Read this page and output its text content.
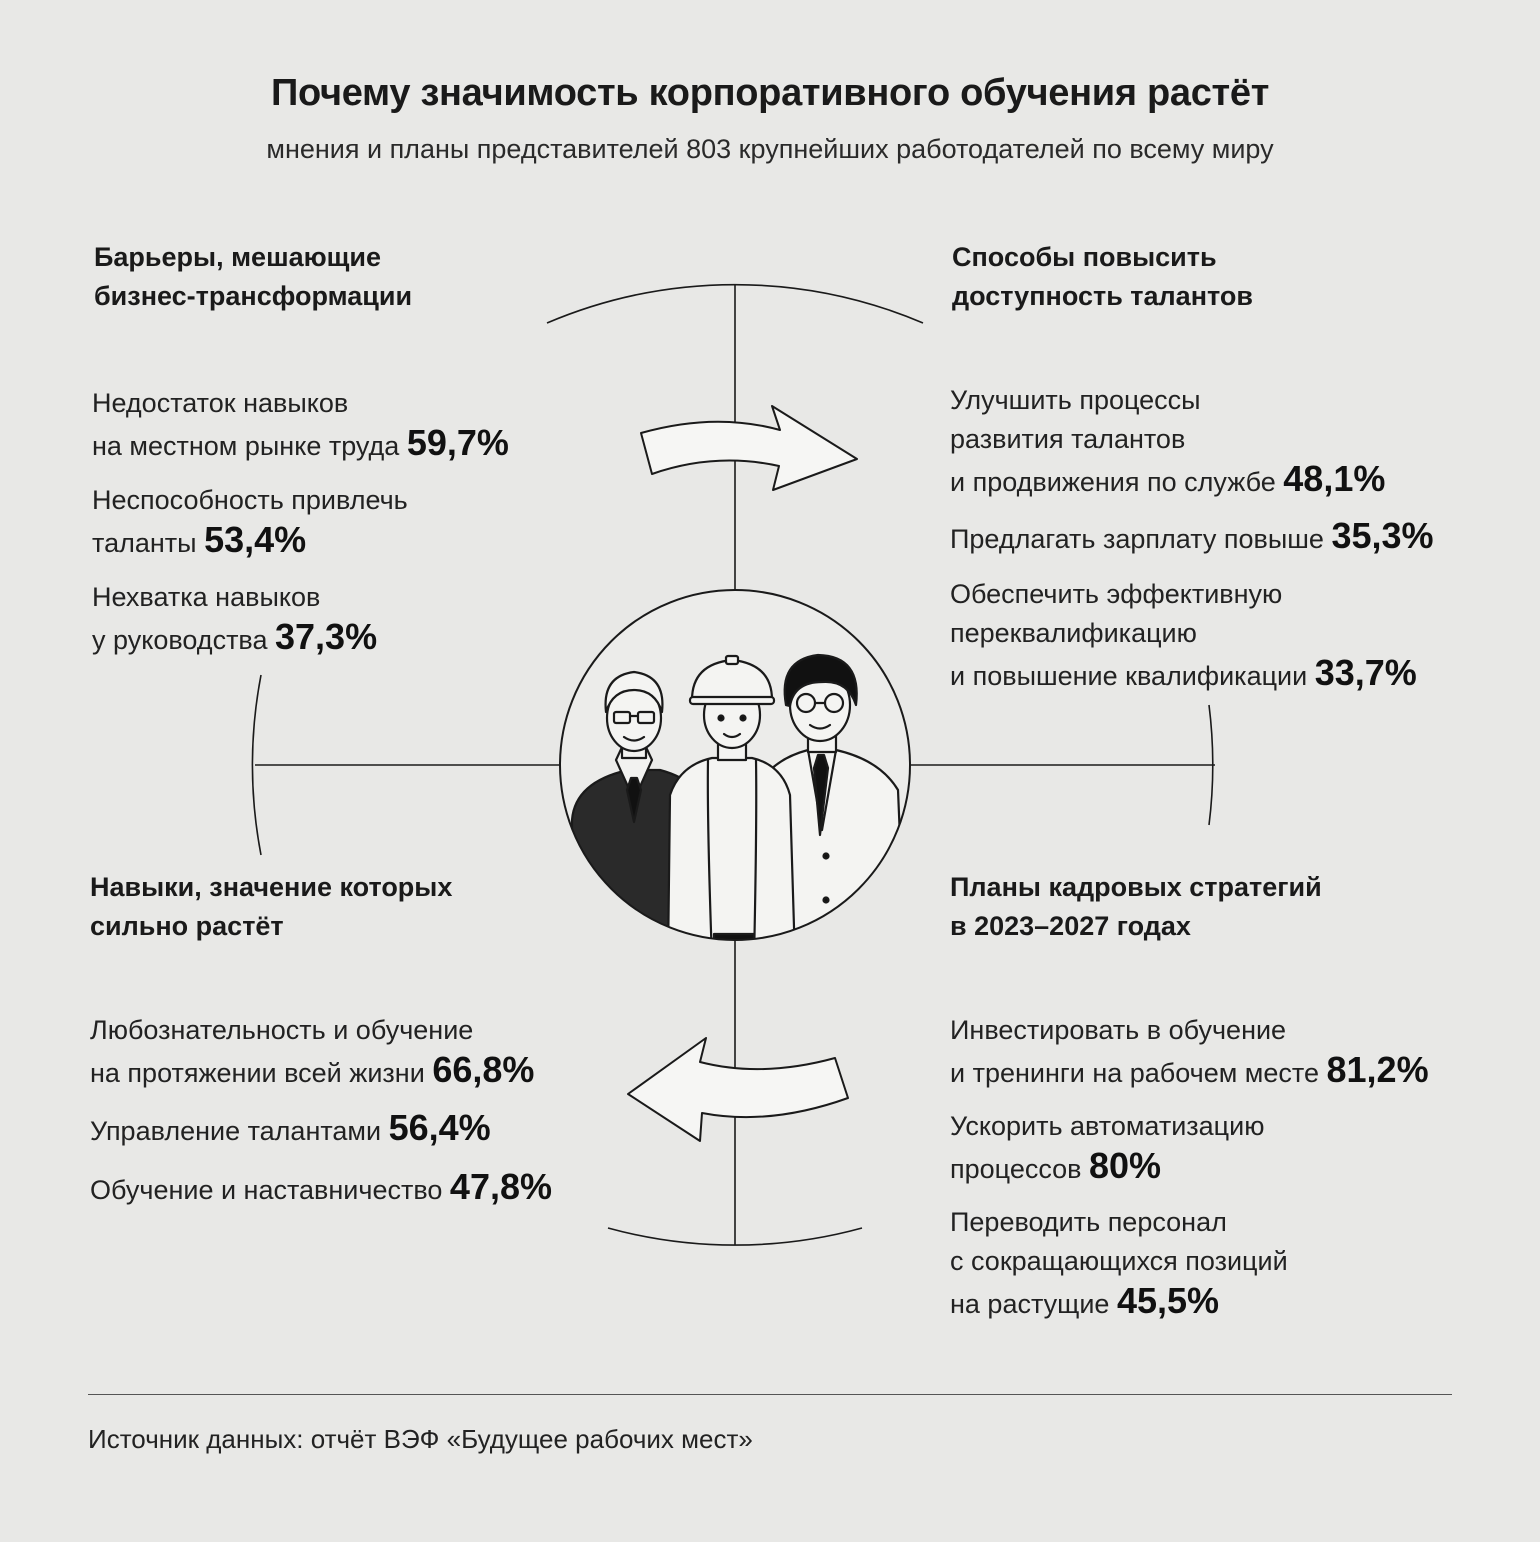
Почему значимость корпоративного обучения растёт
мнения и планы представителей 803 крупнейших работодателей по всему миру
Барьеры, мешающие
бизнес-трансформации
Способы повысить
доступность талантов
Навыки, значение которых
сильно растёт
Планы кадровых стратегий
в 2023–2027 годах
Недостаток навыков
на местном рынке труда 59,7%
Неспособность привлечь
таланты 53,4%
Нехватка навыков
у руководства 37,3%
Улучшить процессы
развития талантов
и продвижения по службе 48,1%
Предлагать зарплату повыше 35,3%
Обеспечить эффективную
переквалификацию
и повышение квалификации 33,7%
Любознательность и обучение
на протяжении всей жизни 66,8%
Управление талантами 56,4%
Обучение и наставничество 47,8%
Инвестировать в обучение
и тренинги на рабочем месте 81,2%
Ускорить автоматизацию
процессов 80%
Переводить персонал
с сокращающихся позиций
на растущие 45,5%
Источник данных: отчёт ВЭФ «Будущее рабочих мест»
